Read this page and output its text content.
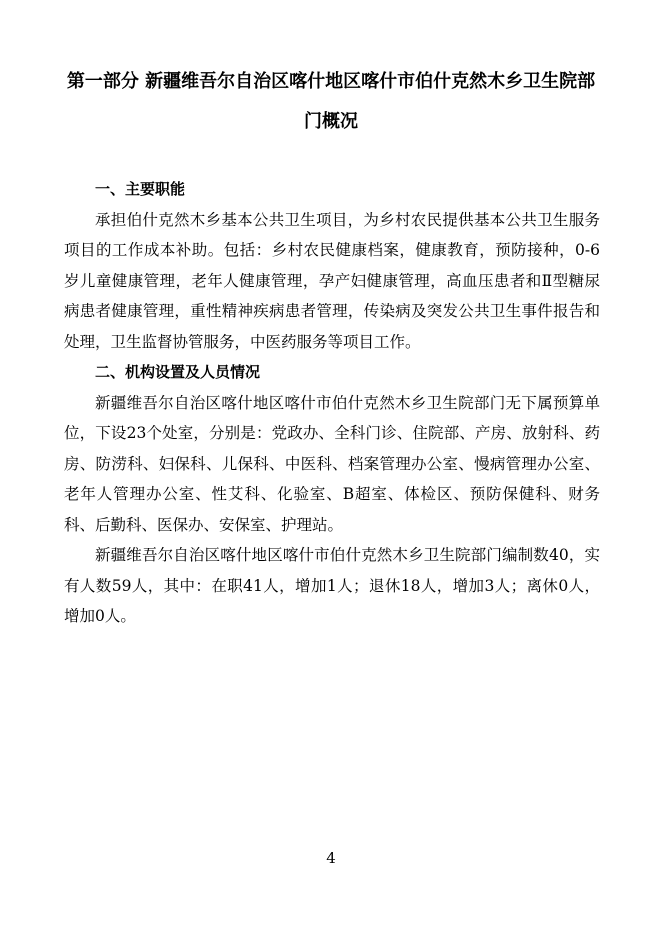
第一部分 新疆维吾尔自治区喀什地区喀什市伯什克然木乡卫生院部门概况

一、主要职能

承担伯什克然木乡基本公共卫生项目，为乡村农民提供基本公共卫生服务项目的工作成本补助。包括：乡村农民健康档案，健康教育，预防接种，0-6岁儿童健康管理，老年人健康管理，孕产妇健康管理，高血压患者和Ⅱ型糖尿病患者健康管理，重性精神疾病患者管理，传染病及突发公共卫生事件报告和处理，卫生监督协管服务，中医药服务等项目工作。

二、机构设置及人员情况

新疆维吾尔自治区喀什地区喀什市伯什克然木乡卫生院部门无下属预算单位，下设23个处室，分别是：党政办、全科门诊、住院部、产房、放射科、药房、防涝科、妇保科、儿保科、中医科、档案管理办公室、慢病管理办公室、老年人管理办公室、性艾科、化验室、B超室、体检区、预防保健科、财务科、后勤科、医保办、安保室、护理站。

新疆维吾尔自治区喀什地区喀什市伯什克然木乡卫生院部门编制数40，实有人数59人，其中：在职41人，增加1人；退休18人，增加3人；离休0人，增加0人。

4
